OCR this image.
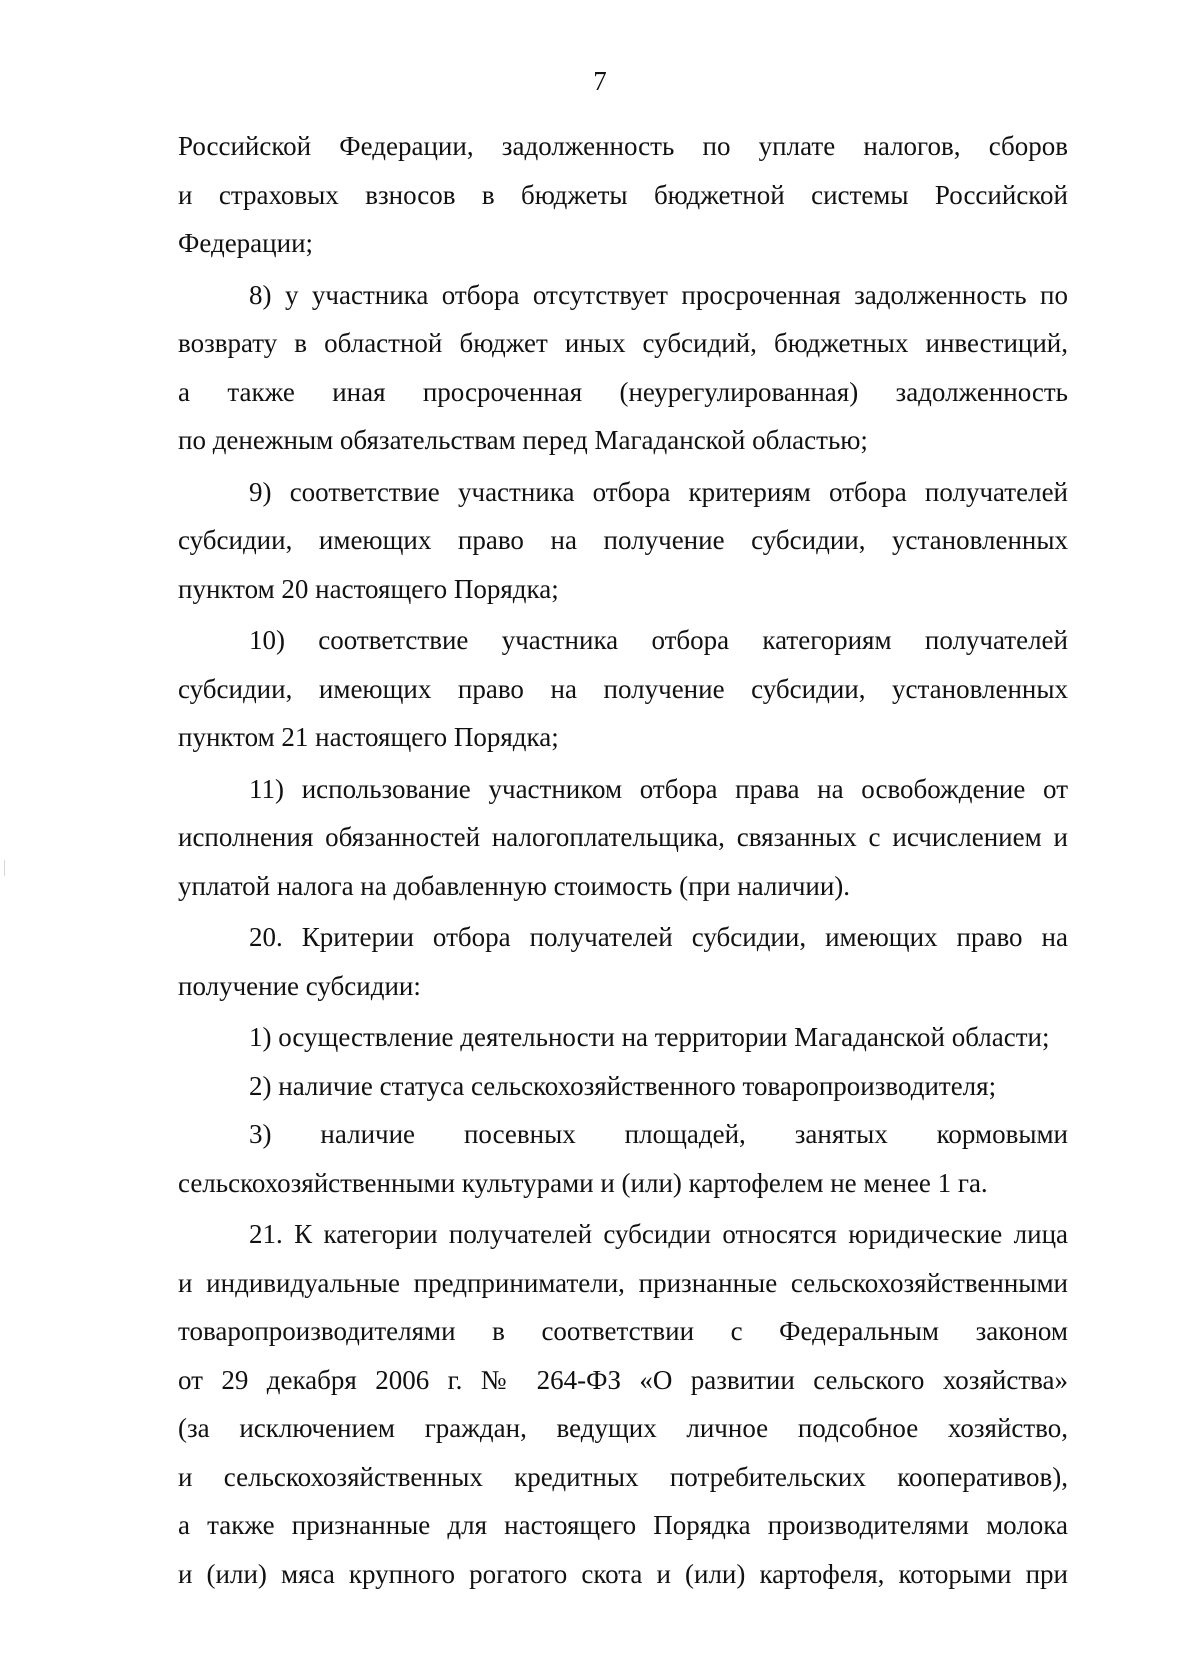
7
Российской Федерации, задолженность по уплате налогов, сборов
и страховых взносов в бюджеты бюджетной системы Российской
Федерации;
8) у участника отбора отсутствует просроченная задолженность по
возврату в областной бюджет иных субсидий, бюджетных инвестиций,
а также иная просроченная (неурегулированная) задолженность
по денежным обязательствам перед Магаданской областью;
9) соответствие участника отбора критериям отбора получателей
субсидии, имеющих право на получение субсидии, установленных
пунктом 20 настоящего Порядка;
10) соответствие участника отбора категориям получателей
субсидии, имеющих право на получение субсидии, установленных
пунктом 21 настоящего Порядка;
11) использование участником отбора права на освобождение от
исполнения обязанностей налогоплательщика, связанных с исчислением и
уплатой налога на добавленную стоимость (при наличии).
20. Критерии отбора получателей субсидии, имеющих право на
получение субсидии:
1) осуществление деятельности на территории Магаданской области;
2) наличие статуса сельскохозяйственного товаропроизводителя;
3) наличие посевных площадей, занятых кормовыми
сельскохозяйственными культурами и (или) картофелем не менее 1 га.
21. К категории получателей субсидии относятся юридические лица
и индивидуальные предприниматели, признанные сельскохозяйственными
товаропроизводителями в соответствии с Федеральным законом
от 29 декабря 2006 г. № 264-ФЗ «О развитии сельского хозяйства»
(за исключением граждан, ведущих личное подсобное хозяйство,
и сельскохозяйственных кредитных потребительских кооперативов),
а также признанные для настоящего Порядка производителями молока
и (или) мяса крупного рогатого скота и (или) картофеля, которыми при
